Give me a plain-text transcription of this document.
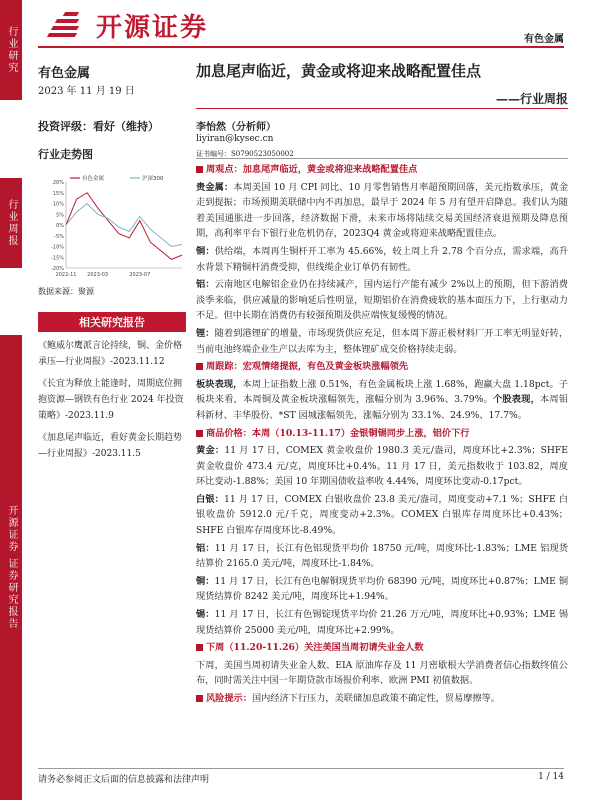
行业研究
行业周报
开源证券 证券研究报告
开源证券	有色金属
有色金属
2023 年 11 月 19 日
投资评级：看好（维持）
行业走势图
20%
15%
10%
5%
0%
-5%
-10%
-15%
-20%
2022-11 2023-03	2023-07
有色金属	沪深300
数据来源：聚源
相关研究报告

《鲍威尔鹰派言论持续，铜、金价格承压—行业周报》-2023.11.12

《长宜为释放上能逢时，周期底位拥抱资源—钢铁有色行业 2024 年投资策略》-2023.11.9

《加息尾声临近，看好黄金长期趋势—行业周报》-2023.11.5

加息尾声临近，黄金或将迎来战略配置佳点
——行业周报
李怡然（分析师）
liyiran@kysec.cn
证书编号：S0790523050002

周观点：加息尾声临近，黄金或将迎来战略配置佳点

贵金属：本周美国 10 月 CPI 同比、10 月零售销售月率超预期回落，美元指数承压，黄金走到提振；市场预期美联储中内不再加息，最早于 2024 年 5 月有望开启降息。我们认为随着美国通胀进一步回落，经济数据下滑，未来市场将陆续交易美国经济衰退预期及降息预期，高利率平台下银行业危机仍存，2023Q4 黄金或将迎来战略配置佳点。

铜：供给端，本周再生铜杆开工率为 45.66%，较上周上升 2.78 个百分点，需求端，高升水背景下精铜杆消费受抑，但线缆企业订单仍有韧性。

铝：云南地区电解铝企业仍在持续减产，国内运行产能有减少 2%以上的预期，但下游消费淡季来临，供应减量的影响延后性明显，短期铝价在消费疲软的基本面压力下，上行驱动力不足。但中长期在消费仍有较强预期及供应端恢复缓慢的情况。

锂：随着到港锂矿的增量，市场现货供应充足，但本周下游正极材料厂开工率无明显好转，当前电池终端企业生产以去库为主，整体锂矿成交价格持续走弱。

周跟踪：宏观情绪提振，有色及黄金板块涨幅领先

板块表现，本周上证指数上涨 0.51%，有色金属板块上涨 1.68%，跑赢大盘 1.18pct。子板块来看，本周铜及黄金板块涨幅领先，涨幅分别为 3.96%、3.79%。个股表现，本周钼科新材、丰华股份、*ST 园城涨幅领先，涨幅分别为 33.1%、24.9%、17.7%。

商品价格：本周（10.13-11.17）金银铜锡同步上涨，铝价下行

黄金：11 月 17 日，COMEX 黄金收盘价 1980.3 美元/盎司，周度环比+2.3%；SHFE 黄金收盘价 473.4 元/克，周度环比+0.4%。11 月 17 日，美元指数收于 103.82，周度环比变动-1.88%；美国 10 年期国债收益率收 4.44%，周度环比变动-0.17pct。

白银：11 月 17 日，COMEX 白银收盘价 23.8 美元/盎司，周度变动+7.1 %；SHFE 白银收盘价 5912.0 元/千克，周度变动+2.3%。COMEX 白银库存周度环比+0.43%；SHFE 白银库存周度环比-8.49%。

铝：11 月 17 日，长江有色铝现货平均价 18750 元/吨，周度环比-1.83%；LME 铝现货结算价 2165.0 美元/吨，周度环比-1.84%。

铜：11 月 17 日，长江有色电解铜现货平均价 68390 元/吨，周度环比+0.87%；LME 铜现货结算价 8242 美元/吨，周度环比+1.94%。

锡：11 月 17 日，长江有色锡锭现货平均价 21.26 万元/吨，周度环比+0.93%；LME 锡现货结算价 25000 美元/吨，周度环比+2.99%。

下周（11.20-11.26）关注美国当周初请失业金人数

下周，美国当周初请失业金人数、EIA 原油库存及 11 月密歇根大学消费者信心指数终值公布，同时需关注中国一年期贷款市场报价利率、欧洲 PMI 初值数据。

风险提示：国内经济下行压力，美联储加息政策不确定性，贸易摩擦等。

请务必参阅正文后面的信息披露和法律声明	1 / 14
